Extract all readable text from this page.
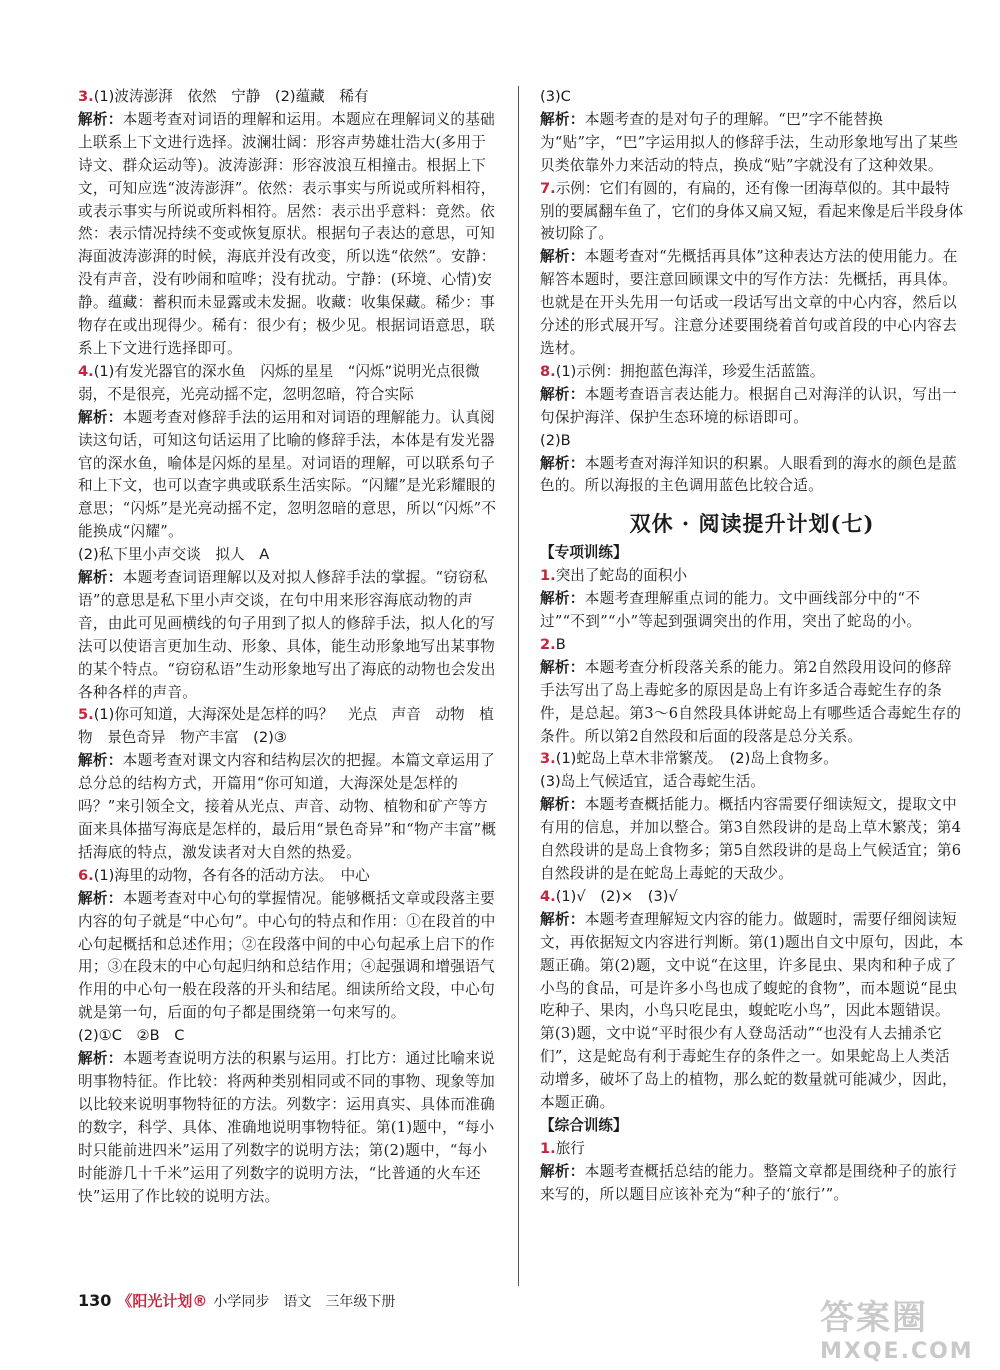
3.(1)波涛澎湃　依然　宁静　(2)蕴藏　稀有

解析：本题考查对词语的理解和运用。本题应在理解词义的基础上联系上下文进行选择。波澜壮阔：形容声势雄壮浩大(多用于诗文、群众运动等)。波涛澎湃：形容波浪互相撞击。根据上下文，可知应选“波涛澎湃”。依然：表示事实与所说或所料相符，或表示事实与所说或所料相符。居然：表示出乎意料：竟然。依然：表示情况持续不变或恢复原状。根据句子表达的意思，可知海面波涛澎湃的时候，海底并没有改变，所以选“依然”。安静：没有声音，没有吵闹和喧哗；没有扰动。宁静：(环境、心情)安静。蕴藏：蓄积而未显露或未发掘。收藏：收集保藏。稀少：事物存在或出现得少。稀有：很少有；极少见。根据词语意思，联系上下文进行选择即可。

4.(1)有发光器官的深水鱼　闪烁的星星　“闪烁”说明光点很微弱，不是很亮，光亮动摇不定，忽明忽暗，符合实际

解析：本题考查对修辞手法的运用和对词语的理解能力。认真阅读这句话，可知这句话运用了比喻的修辞手法，本体是有发光器官的深水鱼，喻体是闪烁的星星。对词语的理解，可以联系句子和上下文，也可以查字典或联系生活实际。“闪耀”是光彩耀眼的意思；“闪烁”是光亮动摇不定，忽明忽暗的意思，所以“闪烁”不能换成“闪耀”。

(2)私下里小声交谈　拟人　A

解析：本题考查词语理解以及对拟人修辞手法的掌握。“窃窃私语”的意思是私下里小声交谈，在句中用来形容海底动物的声音，由此可见画横线的句子用到了拟人的修辞手法，拟人化的写法可以使语言更加生动、形象、具体，能生动形象地写出某事物的某个特点。“窃窃私语”生动形象地写出了海底的动物也会发出各种各样的声音。

5.(1)你可知道，大海深处是怎样的吗？　光点　声音　动物　植物　景色奇异　物产丰富　(2)③

解析：本题考查对课文内容和结构层次的把握。本篇文章运用了总分总的结构方式，开篇用“你可知道，大海深处是怎样的吗？”来引领全文，接着从光点、声音、动物、植物和矿产等方面来具体描写海底是怎样的，最后用“景色奇异”和“物产丰富”概括海底的特点，激发读者对大自然的热爱。

6.(1)海里的动物，各有各的活动方法。　中心

解析：本题考查对中心句的掌握情况。能够概括文章或段落主要内容的句子就是“中心句”。中心句的特点和作用：①在段首的中心句起概括和总述作用；②在段落中间的中心句起承上启下的作用；③在段末的中心句起归纳和总结作用；④起强调和增强语气作用的中心句一般在段落的开头和结尾。细读所给文段，中心句就是第一句，后面的句子都是围绕第一句来写的。

(2)①C　②B　C

解析：本题考查说明方法的积累与运用。打比方：通过比喻来说明事物特征。作比较：将两种类别相同或不同的事物、现象等加以比较来说明事物特征的方法。列数字：运用真实、具体而准确的数字，科学、具体、准确地说明事物特征。第(1)题中，“每小时只能前进四米”运用了列数字的说明方法；第(2)题中，“每小时能游几十千米”运用了列数字的说明方法，“比普通的火车还快”运用了作比较的说明方法。

(3)C

解析：本题考查的是对句子的理解。“巴”字不能替换为“贴”字，“巴”字运用拟人的修辞手法，生动形象地写出了某些贝类依靠外力来活动的特点，换成“贴”字就没有了这种效果。

7.示例：它们有圆的，有扁的，还有像一团海草似的。其中最特别的要属翻车鱼了，它们的身体又扁又短，看起来像是后半段身体被切除了。

解析：本题考查对“先概括再具体”这种表达方法的使用能力。在解答本题时，要注意回顾课文中的写作方法：先概括，再具体。也就是在开头先用一句话或一段话写出文章的中心内容，然后以分述的形式展开写。注意分述要围绕着首句或首段的中心内容去选材。

8.(1)示例：拥抱蓝色海洋，珍爱生活蓝篮。

解析：本题考查语言表达能力。根据自己对海洋的认识，写出一句保护海洋、保护生态环境的标语即可。

(2)B

解析：本题考查对海洋知识的积累。人眼看到的海水的颜色是蓝色的。所以海报的主色调用蓝色比较合适。

双休 · 阅读提升计划(七)

【专项训练】

1.突出了蛇岛的面积小

解析：本题考查理解重点词的能力。文中画线部分中的“不过”“不到”“小”等起到强调突出的作用，突出了蛇岛的小。

2.B

解析：本题考查分析段落关系的能力。第2自然段用设问的修辞手法写出了岛上毒蛇多的原因是岛上有许多适合毒蛇生存的条件，是总起。第3～6自然段具体讲蛇岛上有哪些适合毒蛇生存的条件。所以第2自然段和后面的段落是总分关系。

3.(1)蛇岛上草木非常繁茂。　(2)岛上食物多。

(3)岛上气候适宜，适合毒蛇生活。

解析：本题考查概括能力。概括内容需要仔细读短文，提取文中有用的信息，并加以整合。第3自然段讲的是岛上草木繁茂；第4自然段讲的是岛上食物多；第5自然段讲的是岛上气候适宜；第6自然段讲的是在蛇岛上毒蛇的天敌少。

4.(1)√　(2)×　(3)√

解析：本题考查理解短文内容的能力。做题时，需要仔细阅读短文，再依据短文内容进行判断。第(1)题出自文中原句，因此，本题正确。第(2)题，文中说“在这里，许多昆虫、果肉和种子成了小鸟的食品，可是许多小鸟也成了蝮蛇的食物”，而本题说“昆虫吃种子、果肉，小鸟只吃昆虫，蝮蛇吃小鸟”，因此本题错误。第(3)题，文中说“平时很少有人登岛活动”“也没有人去捕杀它们”，这是蛇岛有利于毒蛇生存的条件之一。如果蛇岛上人类活动增多，破坏了岛上的植物，那么蛇的数量就可能减少，因此，本题正确。

【综合训练】

1.旅行

解析：本题考查概括总结的能力。整篇文章都是围绕种子的旅行来写的，所以题目应该补充为“种子的‘旅行’”。

130 《阳光计划® 小学同步　语文　三年级下册	答案圈
MXQE.COM
